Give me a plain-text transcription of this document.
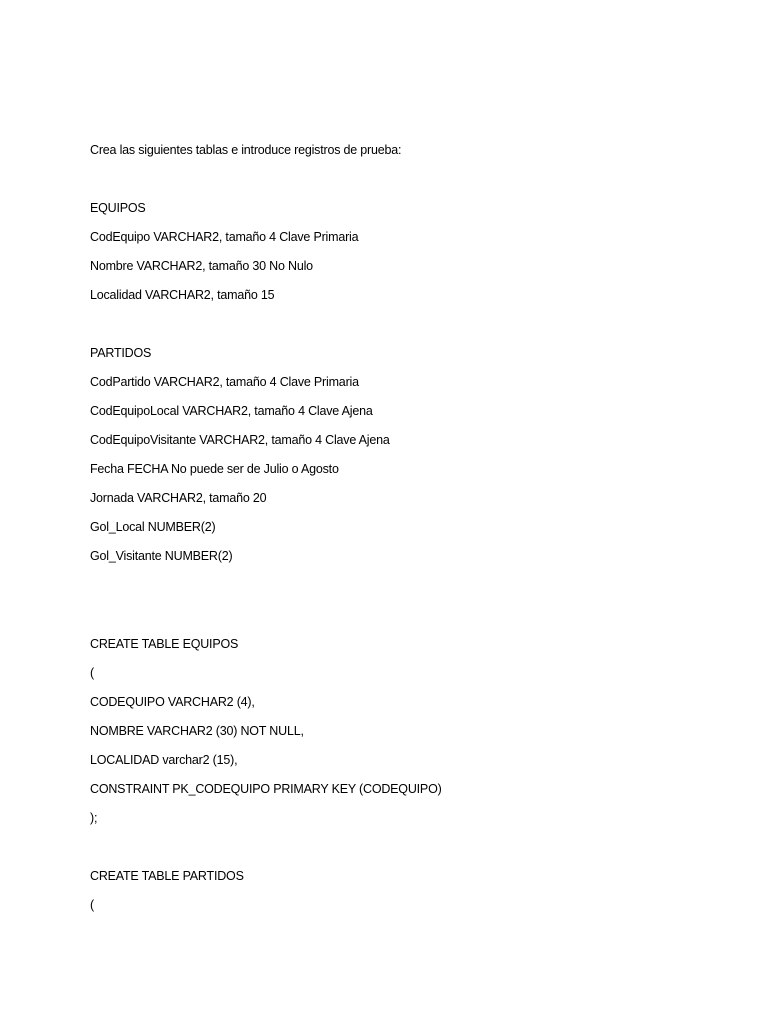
Crea las siguientes tablas e introduce registros de prueba:
EQUIPOS
CodEquipo VARCHAR2, tamaño 4 Clave Primaria
Nombre VARCHAR2, tamaño 30 No Nulo
Localidad VARCHAR2, tamaño 15
PARTIDOS
CodPartido VARCHAR2, tamaño 4 Clave Primaria
CodEquipoLocal VARCHAR2, tamaño 4 Clave Ajena
CodEquipoVisitante VARCHAR2, tamaño 4 Clave Ajena
Fecha FECHA No puede ser de Julio o Agosto
Jornada VARCHAR2, tamaño 20
Gol_Local NUMBER(2)
Gol_Visitante NUMBER(2)
CREATE TABLE EQUIPOS
(
CODEQUIPO VARCHAR2 (4),
NOMBRE VARCHAR2 (30) NOT NULL,
LOCALIDAD varchar2 (15),
CONSTRAINT PK_CODEQUIPO PRIMARY KEY (CODEQUIPO)
);
CREATE TABLE PARTIDOS
(
